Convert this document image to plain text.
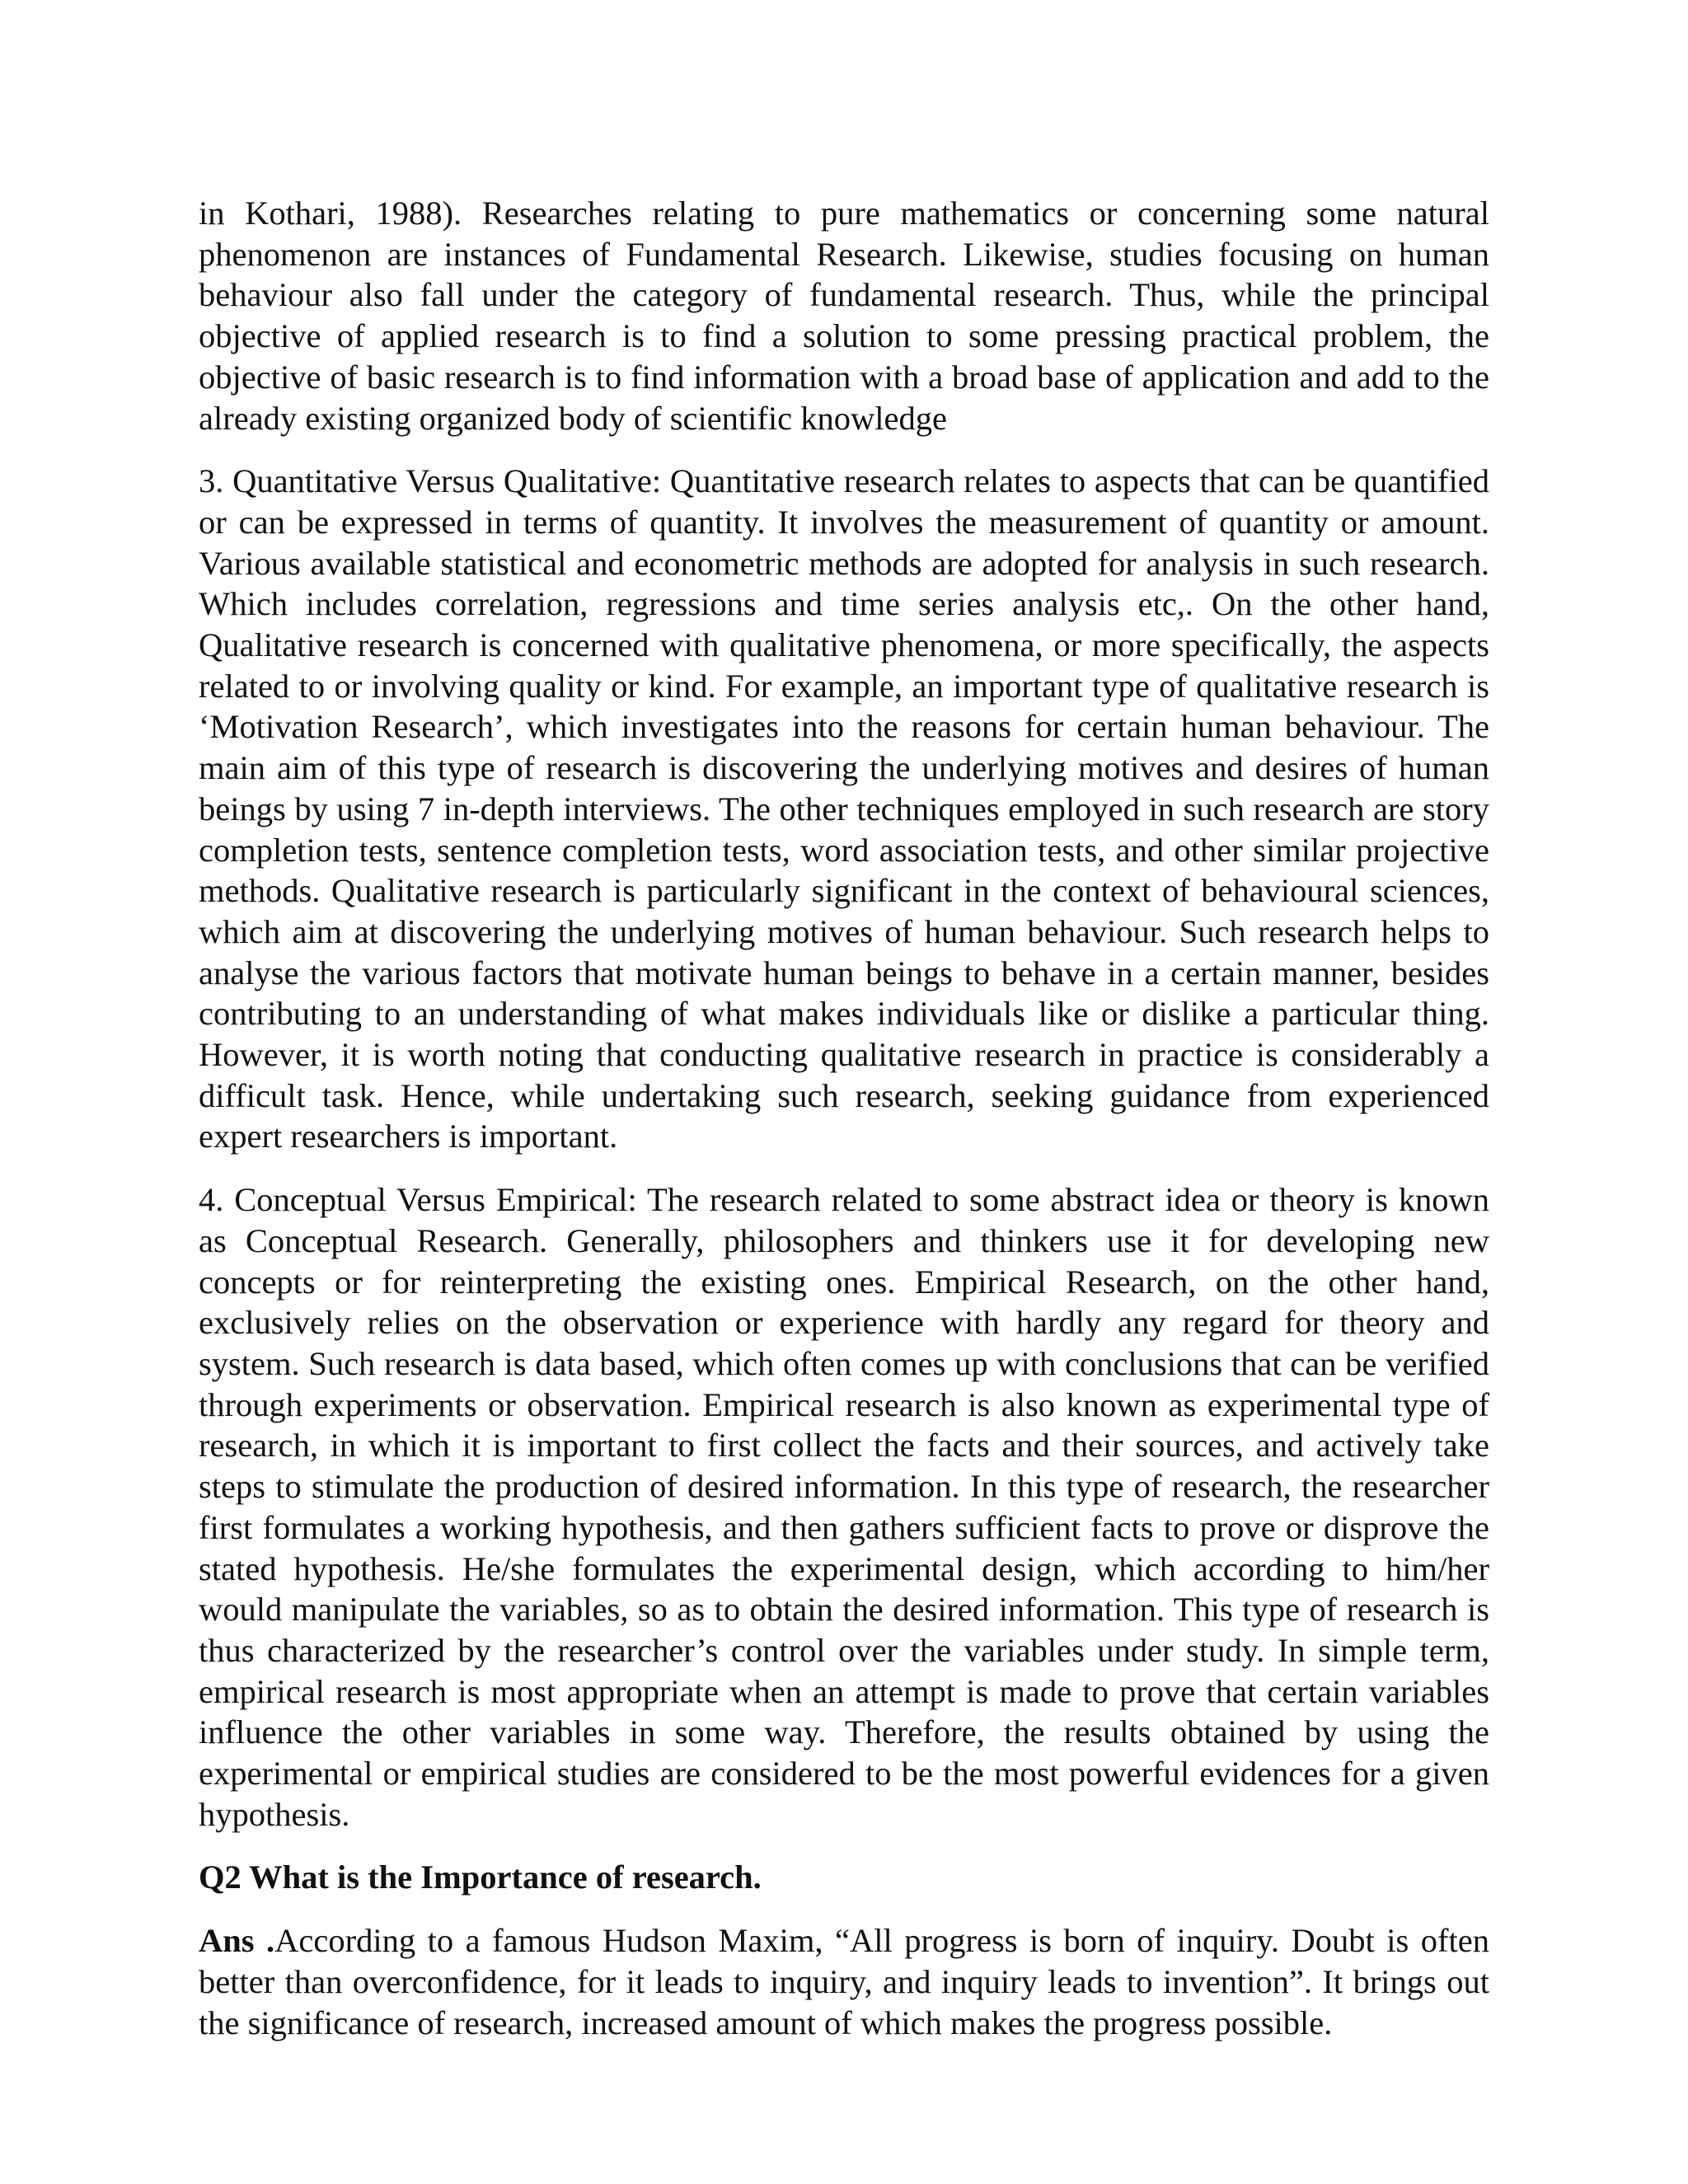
in Kothari, 1988). Researches relating to pure mathematics or concerning some natural phenomenon are instances of Fundamental Research. Likewise, studies focusing on human behaviour also fall under the category of fundamental research. Thus, while the principal objective of applied research is to find a solution to some pressing practical problem, the objective of basic research is to find information with a broad base of application and add to the already existing organized body of scientific knowledge

3. Quantitative Versus Qualitative: Quantitative research relates to aspects that can be quantified or can be expressed in terms of quantity. It involves the measurement of quantity or amount. Various available statistical and econometric methods are adopted for analysis in such research. Which includes correlation, regressions and time series analysis etc,. On the other hand, Qualitative research is concerned with qualitative phenomena, or more specifically, the aspects related to or involving quality or kind. For example, an important type of qualitative research is ‘Motivation Research’, which investigates into the reasons for certain human behaviour. The main aim of this type of research is discovering the underlying motives and desires of human beings by using 7 in-depth interviews. The other techniques employed in such research are story completion tests, sentence completion tests, word association tests, and other similar projective methods. Qualitative research is particularly significant in the context of behavioural sciences, which aim at discovering the underlying motives of human behaviour. Such research helps to analyse the various factors that motivate human beings to behave in a certain manner, besides contributing to an understanding of what makes individuals like or dislike a particular thing. However, it is worth noting that conducting qualitative research in practice is considerably a difficult task. Hence, while undertaking such research, seeking guidance from experienced expert researchers is important.

4. Conceptual Versus Empirical: The research related to some abstract idea or theory is known as Conceptual Research. Generally, philosophers and thinkers use it for developing new concepts or for reinterpreting the existing ones. Empirical Research, on the other hand, exclusively relies on the observation or experience with hardly any regard for theory and system. Such research is data based, which often comes up with conclusions that can be verified through experiments or observation. Empirical research is also known as experimental type of research, in which it is important to first collect the facts and their sources, and actively take steps to stimulate the production of desired information. In this type of research, the researcher first formulates a working hypothesis, and then gathers sufficient facts to prove or disprove the stated hypothesis. He/she formulates the experimental design, which according to him/her would manipulate the variables, so as to obtain the desired information. This type of research is thus characterized by the researcher’s control over the variables under study. In simple term, empirical research is most appropriate when an attempt is made to prove that certain variables influence the other variables in some way. Therefore, the results obtained by using the experimental or empirical studies are considered to be the most powerful evidences for a given hypothesis.

Q2 What is the Importance of research.

Ans .According to a famous Hudson Maxim, “All progress is born of inquiry. Doubt is often better than overconfidence, for it leads to inquiry, and inquiry leads to invention”. It brings out the significance of research, increased amount of which makes the progress possible.
